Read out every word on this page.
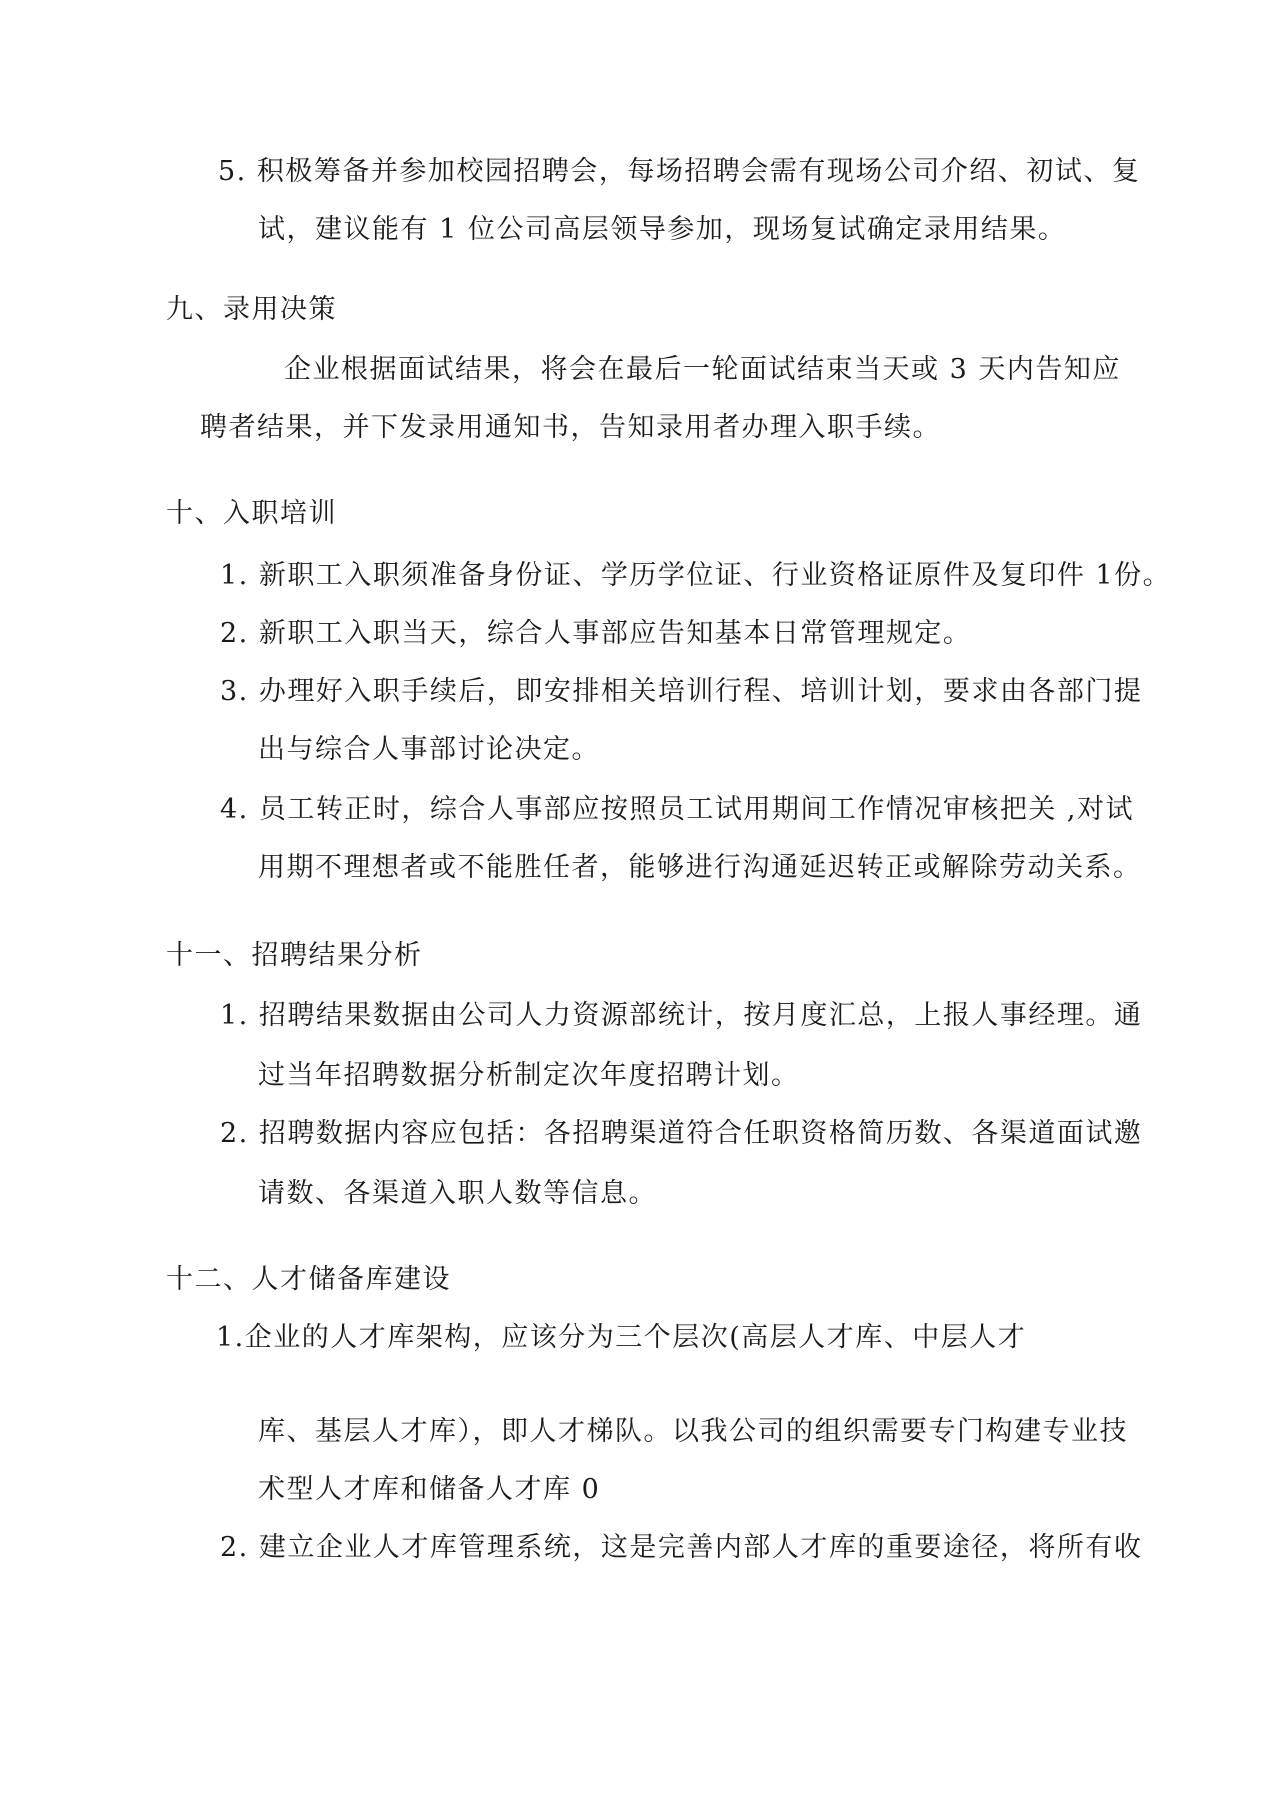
5. 积极筹备并参加校园招聘会，每场招聘会需有现场公司介绍、初试、复
试，建议能有 1 位公司高层领导参加，现场复试确定录用结果。
九、录用决策
企业根据面试结果，将会在最后一轮面试结束当天或 3 天内告知应
聘者结果，并下发录用通知书，告知录用者办理入职手续。
十、入职培训
1. 新职工入职须准备身份证、学历学位证、行业资格证原件及复印件 1份。
2. 新职工入职当天，综合人事部应告知基本日常管理规定。
3. 办理好入职手续后，即安排相关培训行程、培训计划，要求由各部门提
出与综合人事部讨论决定。
4. 员工转正时，综合人事部应按照员工试用期间工作情况审核把关 ,对试
用期不理想者或不能胜任者，能够进行沟通延迟转正或解除劳动关系。
十一、招聘结果分析
1. 招聘结果数据由公司人力资源部统计，按月度汇总，上报人事经理。通
过当年招聘数据分析制定次年度招聘计划。
2. 招聘数据内容应包括：各招聘渠道符合任职资格简历数、各渠道面试邀
请数、各渠道入职人数等信息。
十二、人才储备库建设
1.企业的人才库架构，应该分为三个层次(高层人才库、中层人才
库、基层人才库），即人才梯队。以我公司的组织需要专门构建专业技
术型人才库和储备人才库 0
2. 建立企业人才库管理系统，这是完善内部人才库的重要途径，将所有收
